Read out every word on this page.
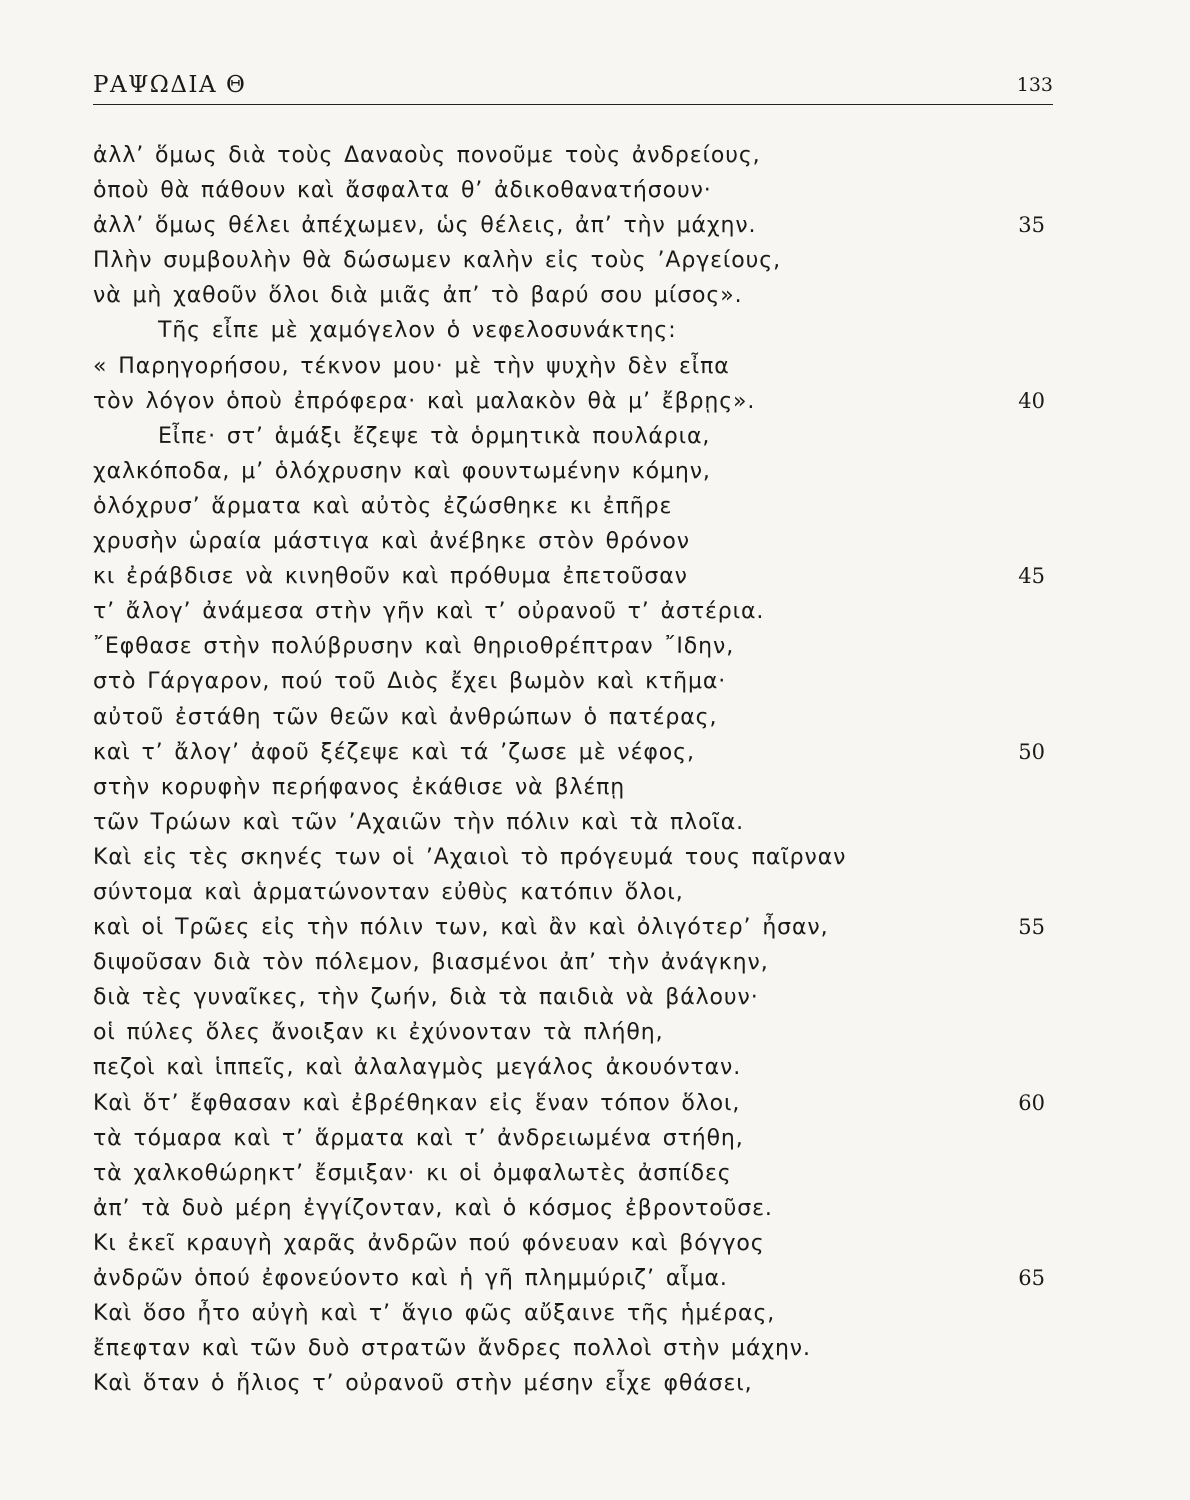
ΡΑΨΩΔΙΑ Θ	133
ἀλλ’ ὅμως διὰ τοὺς Δαναοὺς πονοῦμε τοὺς ἀνδρείους,
ὁποὺ θὰ πάθουν καὶ ἄσφαλτα θ’ ἀδικοθανατήσουν·
ἀλλ’ ὅμως θέλει ἀπέχωμεν, ὡς θέλεις, ἀπ’ τὴν μάχην.	35
Πλὴν συμβουλὴν θὰ δώσωμεν καλὴν εἰς τοὺς ’Αργείους,
νὰ μὴ χαθοῦν ὅλοι διὰ μιᾶς ἀπ’ τὸ βαρύ σου μίσος».
Τῆς εἶπε μὲ χαμόγελον ὁ νεφελοσυνάκτης:
« Παρηγορήσου, τέκνον μου· μὲ τὴν ψυχὴν δὲν εἶπα
τὸν λόγον ὁποὺ ἐπρόφερα· καὶ μαλακὸν θὰ μ’ ἔβρῃς».	40
Εἶπε· στ’ ἁμάξι ἔζεψε τὰ ὁρμητικὰ πουλάρια,
χαλκόποδα, μ’ ὁλόχρυσην καὶ φουντωμένην κόμην,
ὁλόχρυσ’ ἅρματα καὶ αὐτὸς ἐζώσθηκε κι ἐπῆρε
χρυσὴν ὡραία μάστιγα καὶ ἀνέβηκε στὸν θρόνον
κι ἐράβδισε νὰ κινηθοῦν καὶ πρόθυμα ἐπετοῦσαν	45
τ’ ἄλογ’ ἀνάμεσα στὴν γῆν καὶ τ’ οὐρανοῦ τ’ ἀστέρια.
῎Εφθασε στὴν πολύβρυσην καὶ θηριοθρέπτραν ῎Ιδην,
στὸ Γάργαρον, πού τοῦ Διὸς ἔχει βωμὸν καὶ κτῆμα·
αὐτοῦ ἐστάθη τῶν θεῶν καὶ ἀνθρώπων ὁ πατέρας,
καὶ τ’ ἄλογ’ ἀφοῦ ξέζεψε καὶ τά ’ζωσε μὲ νέφος,	50
στὴν κορυφὴν περήφανος ἐκάθισε νὰ βλέπῃ
τῶν Τρώων καὶ τῶν ’Αχαιῶν τὴν πόλιν καὶ τὰ πλοῖα.
Καὶ εἰς τὲς σκηνές των οἱ ’Αχαιοὶ τὸ πρόγευμά τους παῖρναν
σύντομα καὶ ἁρματώνονταν εὐθὺς κατόπιν ὅλοι,
καὶ οἱ Τρῶες εἰς τὴν πόλιν των, καὶ ἂν καὶ ὀλιγότερ’ ἦσαν,	55
διψοῦσαν διὰ τὸν πόλεμον, βιασμένοι ἀπ’ τὴν ἀνάγκην,
διὰ τὲς γυναῖκες, τὴν ζωήν, διὰ τὰ παιδιὰ νὰ βάλουν·
οἱ πύλες ὅλες ἄνοιξαν κι ἐχύνονταν τὰ πλήθη,
πεζοὶ καὶ ἱππεῖς, καὶ ἀλαλαγμὸς μεγάλος ἀκουόνταν.
Καὶ ὅτ’ ἔφθασαν καὶ ἐβρέθηκαν εἰς ἕναν τόπον ὅλοι,	60
τὰ τόμαρα καὶ τ’ ἅρματα καὶ τ’ ἀνδρειωμένα στήθη,
τὰ χαλκοθώρηκτ’ ἔσμιξαν· κι οἱ ὀμφαλωτὲς ἀσπίδες
ἀπ’ τὰ δυὸ μέρη ἐγγίζονταν, καὶ ὁ κόσμος ἐβροντοῦσε.
Κι ἐκεῖ κραυγὴ χαρᾶς ἀνδρῶν πού φόνευαν καὶ βόγγος
ἀνδρῶν ὁπού ἐφονεύοντο καὶ ἡ γῆ πλημμύριζ’ αἷμα.	65
Καὶ ὅσο ἦτο αὐγὴ καὶ τ’ ἅγιο φῶς αὔξαινε τῆς ἡμέρας,
ἔπεφταν καὶ τῶν δυὸ στρατῶν ἄνδρες πολλοὶ στὴν μάχην.
Καὶ ὅταν ὁ ἥλιος τ’ οὐρανοῦ στὴν μέσην εἶχε φθάσει,
